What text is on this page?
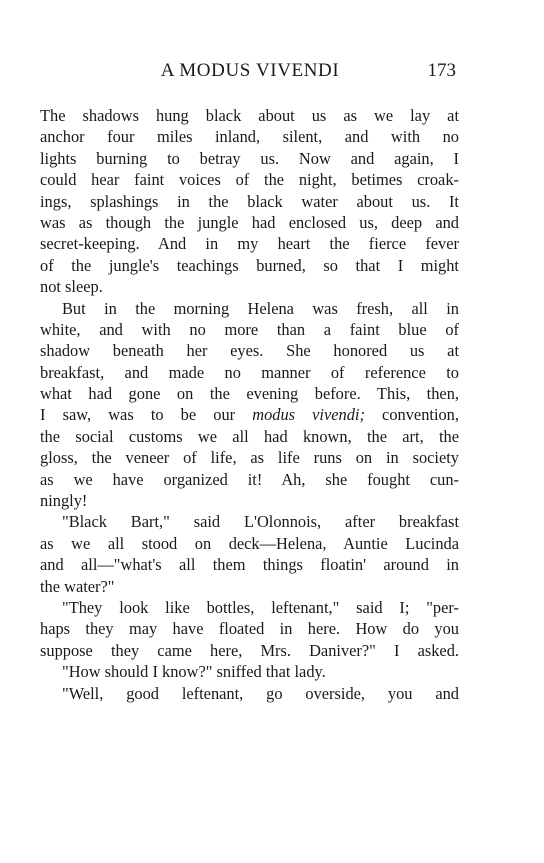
A MODUS VIVENDI	173
The shadows hung black about us as we lay at
anchor four miles inland, silent, and with no
lights burning to betray us. Now and again, I
could hear faint voices of the night, betimes croak-
ings, splashings in the black water about us. It
was as though the jungle had enclosed us, deep and
secret-keeping. And in my heart the fierce fever
of the jungle's teachings burned, so that I might
not sleep.
But in the morning Helena was fresh, all in
white, and with no more than a faint blue of
shadow beneath her eyes. She honored us at
breakfast, and made no manner of reference to
what had gone on the evening before. This, then,
I saw, was to be our modus vivendi; convention,
the social customs we all had known, the art, the
gloss, the veneer of life, as life runs on in society
as we have organized it! Ah, she fought cun-
ningly!
"Black Bart," said L'Olonnois, after breakfast
as we all stood on deck—Helena, Auntie Lucinda
and all—"what's all them things floatin' around in
the water?"
"They look like bottles, leftenant," said I; "per-
haps they may have floated in here. How do you
suppose they came here, Mrs. Daniver?" I asked.
"How should I know?" sniffed that lady.
"Well, good leftenant, go overside, you and
